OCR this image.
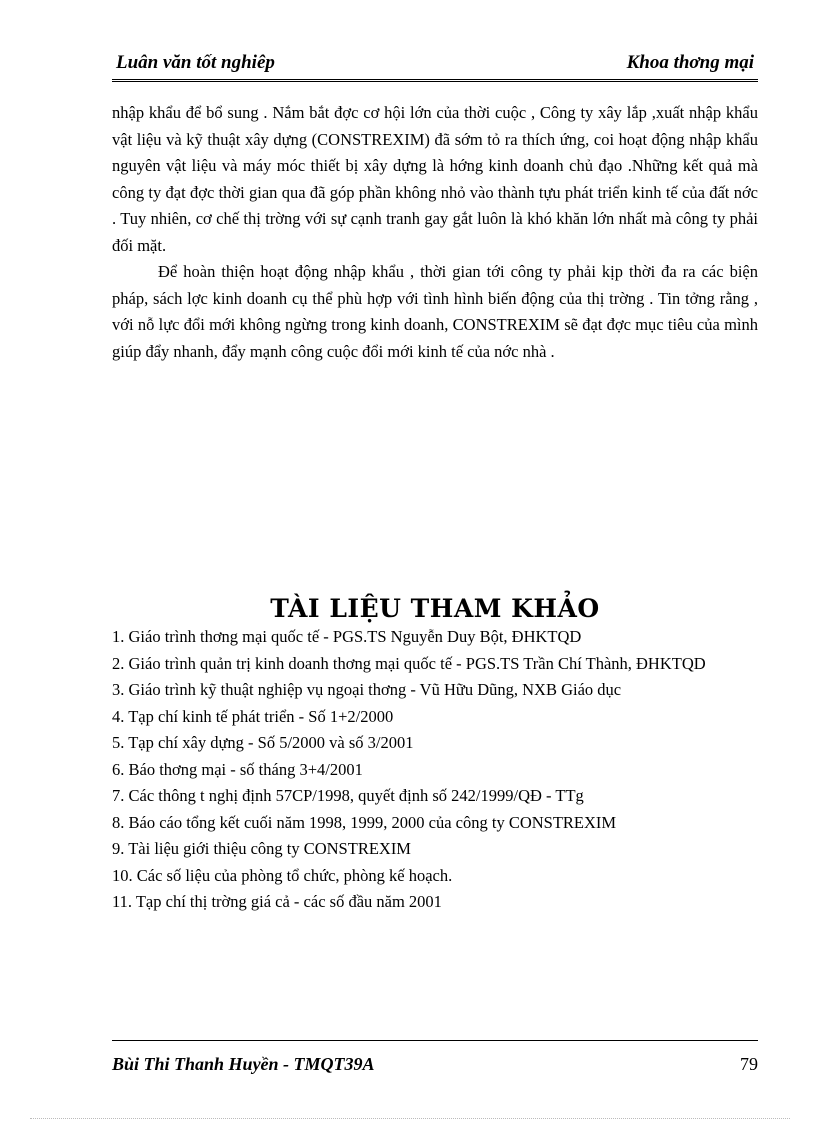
Luân văn tốt nghiêp	Khoa thơng mại

nhập khẩu để bổ sung . Nắm bắt đợc cơ hội lớn của thời cuộc , Công ty xây lắp ,xuất nhập khẩu vật liệu và kỹ thuật xây dựng (CONSTREXIM) đã sớm tỏ ra thích ứng, coi hoạt động nhập khẩu nguyên vật liệu và máy móc thiết bị xây dựng là hớng kinh doanh chủ đạo .Những kết quả mà công ty đạt đợc thời gian qua đã góp phần không nhỏ vào thành tựu phát triển kinh tế của đất nớc . Tuy nhiên, cơ chế thị trờng với sự cạnh tranh gay gắt luôn là khó khăn lớn nhất mà công ty phải đối mặt.

Để hoàn thiện hoạt động nhập khẩu , thời gian tới công ty phải kịp thời đa ra các biện pháp, sách lợc kinh doanh cụ thể phù hợp với tình hình biến động của thị trờng . Tin tởng rằng , với nỗ lực đổi mới không ngừng trong kinh doanh, CONSTREXIM sẽ đạt đợc mục tiêu của mình giúp đẩy nhanh, đẩy mạnh công cuộc đổi mới kinh tế của nớc nhà .

TÀI LIỆU THAM KHẢO
1. Giáo trình thơng mại quốc tế - PGS.TS Nguyễn Duy Bột, ĐHKTQD
2. Giáo trình quản trị kinh doanh thơng mại quốc tế - PGS.TS Trần Chí Thành, ĐHKTQD
3. Giáo trình kỹ thuật nghiệp vụ ngoại thơng - Vũ Hữu Dũng, NXB Giáo dục
4. Tạp chí kinh tế phát triển - Số 1+2/2000
5. Tạp chí xây dựng - Số 5/2000 và số 3/2001
6. Báo thơng mại - số tháng 3+4/2001
7. Các thông t nghị định 57CP/1998, quyết định số 242/1999/QĐ - TTg
8. Báo cáo tổng kết cuối năm 1998, 1999, 2000 của công ty CONSTREXIM
9. Tài liệu giới thiệu công ty CONSTREXIM
10. Các số liệu của phòng tổ chức, phòng kế hoạch.
11. Tạp chí thị trờng giá cả - các số đầu năm 2001
Bùi Thi Thanh Huyền - TMQT39A	79
